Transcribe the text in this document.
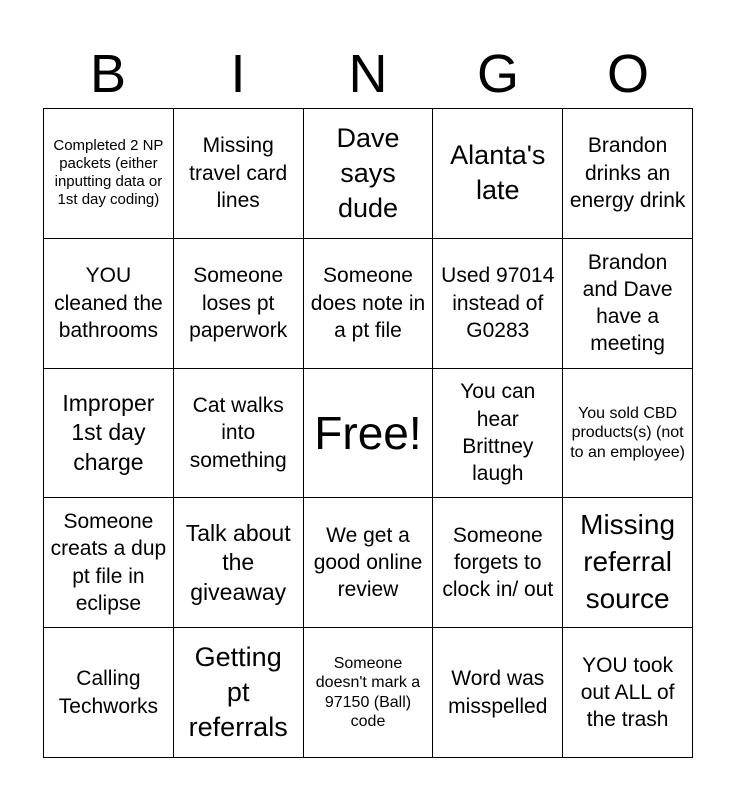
B	I	N	G	O
Completed 2 NP packets (either inputting data or 1st day coding)
Missing travel card lines
Dave says dude
Alanta's late
Brandon drinks an energy drink
YOU cleaned the bathrooms
Someone loses pt paperwork
Someone does note in a pt file
Used 97014 instead of G0283
Brandon and Dave have a meeting
Improper 1st day charge
Cat walks into something
Free!
You can hear Brittney laugh
You sold CBD products(s) (not to an employee)
Someone creats a dup pt file in eclipse
Talk about the giveaway
We get a good online review
Someone forgets to clock in/ out
Missing referral source
Calling Techworks
Getting pt referrals
Someone doesn't mark a 97150 (Ball) code
Word was misspelled
YOU took out ALL of the trash
